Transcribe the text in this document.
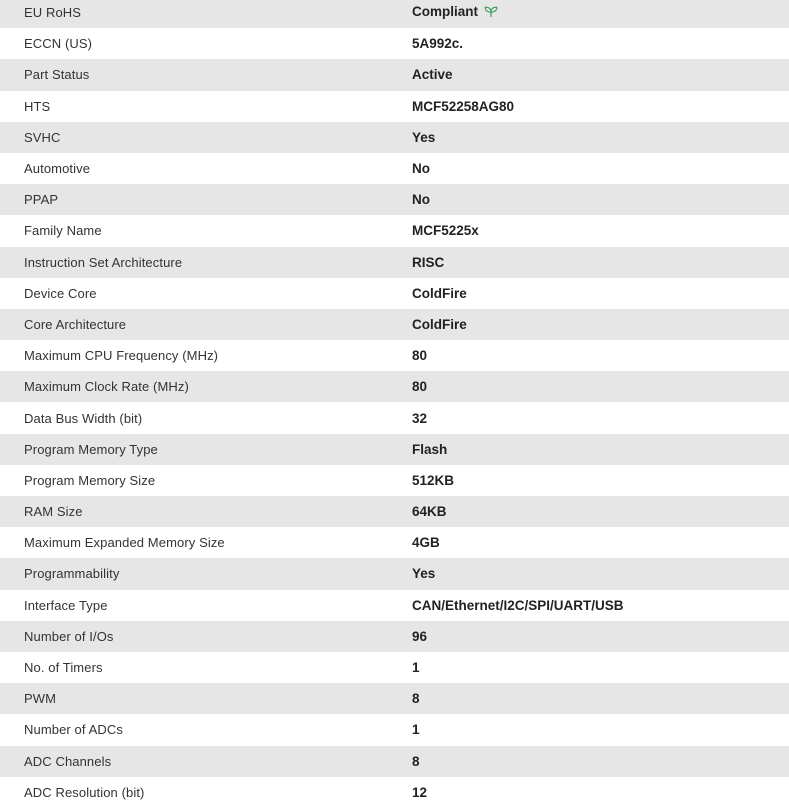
EU RoHS	Compliant
ECCN (US)	5A992c.
Part Status	Active
HTS	MCF52258AG80
SVHC	Yes
Automotive	No
PPAP	No
Family Name	MCF5225x
Instruction Set Architecture	RISC
Device Core	ColdFire
Core Architecture	ColdFire
Maximum CPU Frequency (MHz)	80
Maximum Clock Rate (MHz)	80
Data Bus Width (bit)	32
Program Memory Type	Flash
Program Memory Size	512KB
RAM Size	64KB
Maximum Expanded Memory Size	4GB
Programmability	Yes
Interface Type	CAN/Ethernet/I2C/SPI/UART/USB
Number of I/Os	96
No. of Timers	1
PWM	8
Number of ADCs	1
ADC Channels	8
ADC Resolution (bit)	12
